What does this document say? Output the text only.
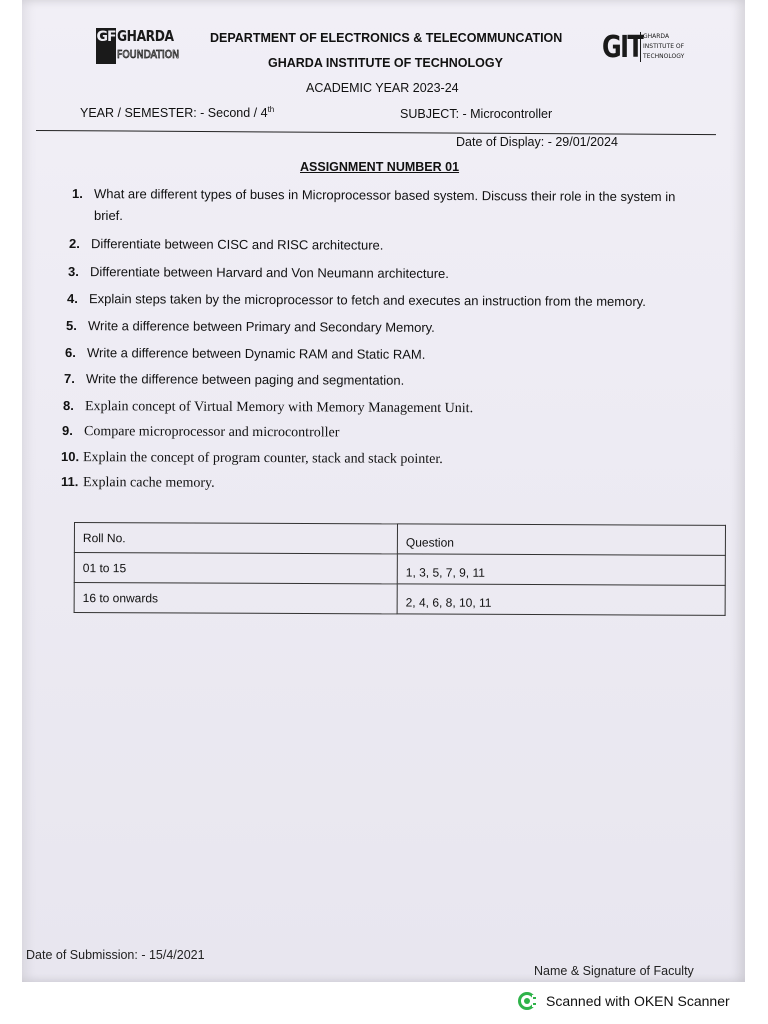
GF GHARDA
FOUNDATION	GIT GHARDA
INSTITUTE OF
TECHNOLOGY
DEPARTMENT OF ELECTRONICS & TELECOMMUNCATION
GHARDA INSTITUTE OF TECHNOLOGY
ACADEMIC YEAR 2023-24
YEAR / SEMESTER: - Second / 4th	SUBJECT: - Microcontroller
Date of Display: - 29/01/2024
ASSIGNMENT NUMBER 01
1. What are different types of buses in Microprocessor based system. Discuss their role in the system in
brief.
2. Differentiate between CISC and RISC architecture.
3. Differentiate between Harvard and Von Neumann architecture.
4. Explain steps taken by the microprocessor to fetch and executes an instruction from the memory.
5. Write a difference between Primary and Secondary Memory.
6. Write a difference between Dynamic RAM and Static RAM.
7. Write the difference between paging and segmentation.
8. Explain concept of Virtual Memory with Memory Management Unit.
9. Compare microprocessor and microcontroller
10. Explain the concept of program counter, stack and stack pointer.
11. Explain cache memory.
Roll No.	Question
01 to 15	1, 3, 5, 7, 9, 11
16 to onwards	2, 4, 6, 8, 10, 11
Date of Submission: - 15/4/2021
Name & Signature of Faculty
Scanned with OKEN Scanner
